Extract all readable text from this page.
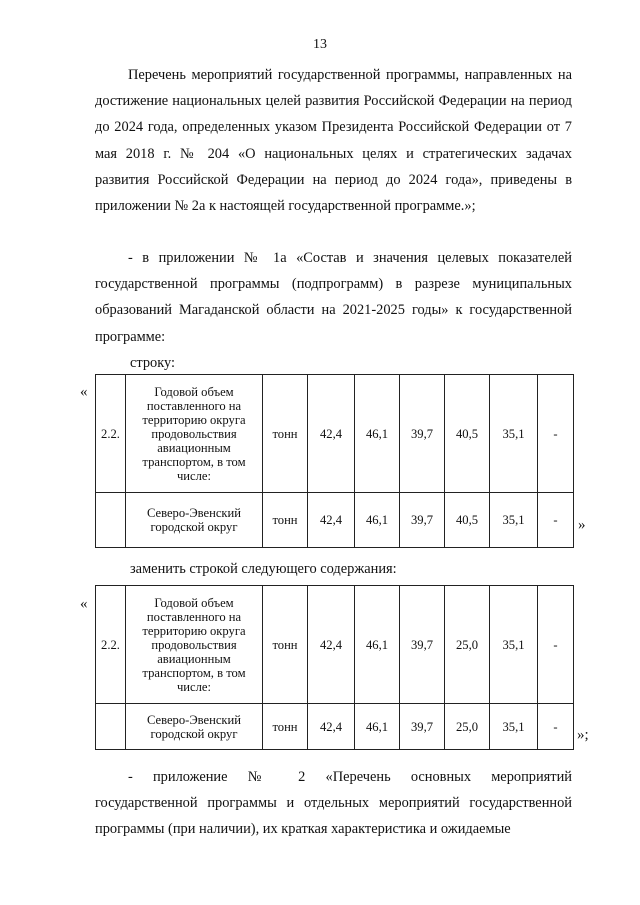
13

Перечень мероприятий государственной программы, направленных на достижение национальных целей развития Российской Федерации на период до 2024 года, определенных указом Президента Российской Федерации от 7 мая 2018 г. № 204 «О национальных целях и стратегических задачах развития Российской Федерации на период до 2024 года», приведены в приложении № 2а к настоящей государственной программе.»;

- в приложении № 1а «Состав и значения целевых показателей государственной программы (подпрограмм) в разрезе муниципальных образований Магаданской области на 2021-2025 годы» к государственной программе:

строку:
«
2.2.	Годовой объем поставленного на территорию округа продовольствия авиационным транспортом, в том числе:	тонн	42,4	46,1	39,7	40,5	35,1	-
	Северо-Эвенский городской округ	тонн	42,4	46,1	39,7	40,5	35,1	- »
заменить строкой следующего содержания:
«
2.2.	Годовой объем поставленного на территорию округа продовольствия авиационным транспортом, в том числе:	тонн	42,4	46,1	39,7	25,0	35,1	-
	Северо-Эвенский городской округ	тонн	42,4	46,1	39,7	25,0	35,1	-
»;

- приложение № 2 «Перечень основных мероприятий

государственной программы и отдельных мероприятий государственной программы (при наличии), их краткая характеристика и ожидаемые
